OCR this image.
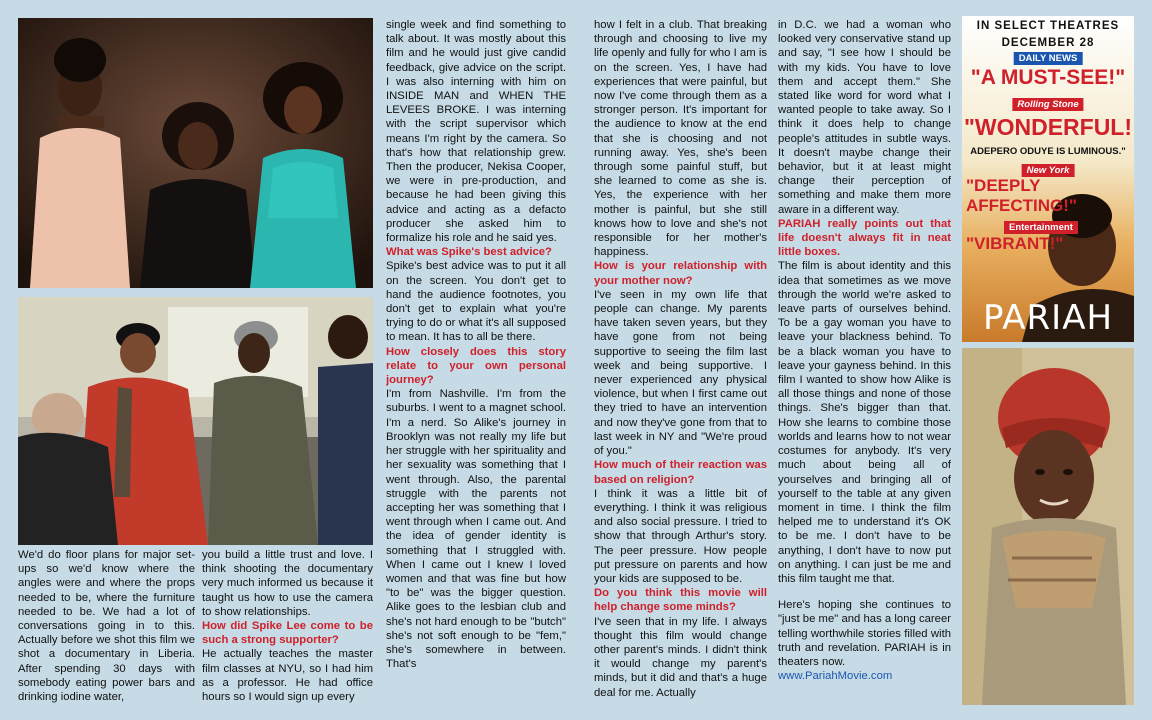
We'd do floor plans for major set-ups so we'd know where the angles were and where the props needed to be, where the furniture needed to be. We had a lot of conversations going in to this. Actually before we shot this film we shot a documentary in Liberia. After spending 30 days with somebody eating power bars and drinking iodine water,

you build a little trust and love. I think shooting the documentary very much informed us because it taught us how to use the camera to show relationships.

How did Spike Lee come to be such a strong supporter?

He actually teaches the master film classes at NYU, so I had him as a professor. He had office hours so I would sign up every

single week and find something to talk about. It was mostly about this film and he would just give candid feedback, give advice on the script. I was also interning with him on INSIDE MAN and WHEN THE LEVEES BROKE. I was interning with the script supervisor which means I'm right by the camera. So that's how that relationship grew. Then the producer, Nekisa Cooper, we were in pre-production, and because he had been giving this advice and acting as a defacto producer she asked him to formalize his role and he said yes.

What was Spike's best advice?

Spike's best advice was to put it all on the screen. You don't get to hand the audience footnotes, you don't get to explain what you're trying to do or what it's all supposed to mean. It has to all be there.

How closely does this story relate to your own personal journey?

I'm from Nashville. I'm from the suburbs. I went to a magnet school. I'm a nerd. So Alike's journey in Brooklyn was not really my life but her struggle with her spirituality and her sexuality was something that I went through. Also, the parental struggle with the parents not accepting her was something that I went through when I came out. And the idea of gender identity is something that I struggled with. When I came out I knew I loved women and that was fine but how "to be" was the bigger question. Alike goes to the lesbian club and she's not hard enough to be "butch" she's not soft enough to be "fem," she's somewhere in between. That's

how I felt in a club. That breaking through and choosing to live my life openly and fully for who I am is on the screen. Yes, I have had experiences that were painful, but now I've come through them as a stronger person. It's important for the audience to know at the end that she is choosing and not running away. Yes, she's been through some painful stuff, but she learned to come as she is. Yes, the experience with her mother is painful, but she still knows how to love and she's not responsible for her mother's happiness.

How is your relationship with your mother now?

I've seen in my own life that people can change. My parents have taken seven years, but they have gone from not being supportive to seeing the film last week and being supportive. I never experienced any physical violence, but when I first came out they tried to have an intervention and now they've gone from that to last week in NY and "We're proud of you."

How much of their reaction was based on religion?

I think it was a little bit of everything. I think it was religious and also social pressure. I tried to show that through Arthur's story. The peer pressure. How people put pressure on parents and how your kids are supposed to be.

Do you think this movie will help change some minds?

I've seen that in my life. I always thought this film would change other parent's minds. I didn't think it would change my parent's minds, but it did and that's a huge deal for me. Actually

in D.C. we had a woman who looked very conservative stand up and say, "I see how I should be with my kids. You have to love them and accept them." She stated like word for word what I wanted people to take away. So I think it does help to change people's attitudes in subtle ways. It doesn't maybe change their behavior, but it at least might change their perception of something and make them more aware in a different way.

PARIAH really points out that life doesn't always fit in neat little boxes.

The film is about identity and this idea that sometimes as we move through the world we're asked to leave parts of ourselves behind. To be a gay woman you have to leave your blackness behind. To be a black woman you have to leave your gayness behind. In this film I wanted to show how Alike is all those things and none of those things. She's bigger than that. How she learns to combine those worlds and learns how to not wear costumes for anybody. It's very much about being all of yourselves and bringing all of yourself to the table at any given moment in time. I think the film helped me to understand it's OK to be me. I don't have to be anything, I don't have to now put on anything. I can just be me and this film taught me that.

Here's hoping she continues to "just be me" and has a long career telling worthwhile stories filled with truth and revelation. PARIAH is in theaters now.

www.PariahMovie.com

IN SELECT THEATRES
DECEMBER 28
DAILY NEWS
"A MUST-SEE!"
Rolling Stone
"WONDERFUL!
ADEPERO ODUYE IS LUMINOUS."
New York
"DEEPLY
AFFECTING!"
Entertainment
"VIBRANT!"
PARIAH
